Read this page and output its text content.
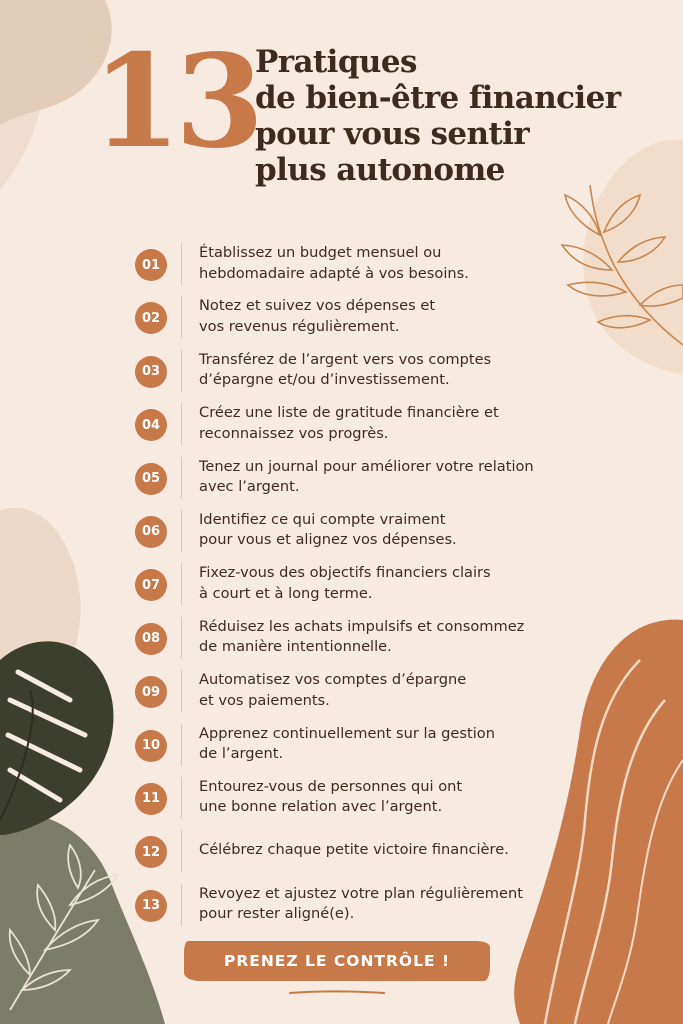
13
Pratiques
de bien-être financier
pour vous sentir
plus autonome
01
Établissez un budget mensuel ou
hebdomadaire adapté à vos besoins.
02
Notez et suivez vos dépenses et
vos revenus régulièrement.
03
Transférez de l’argent vers vos comptes
d’épargne et/ou d’investissement.
04
Créez une liste de gratitude financière et
reconnaissez vos progrès.
05
Tenez un journal pour améliorer votre relation
avec l’argent.
06
Identifiez ce qui compte vraiment
pour vous et alignez vos dépenses.
07
Fixez-vous des objectifs financiers clairs
à court et à long terme.
08
Réduisez les achats impulsifs et consommez
de manière intentionnelle.
09
Automatisez vos comptes d’épargne
et vos paiements.
10
Apprenez continuellement sur la gestion
de l’argent.
11
Entourez-vous de personnes qui ont
une bonne relation avec l’argent.
12	Célébrez chaque petite victoire financière.
13
Revoyez et ajustez votre plan régulièrement
pour rester aligné(e).
PRENEZ LE CONTRÔLE !
